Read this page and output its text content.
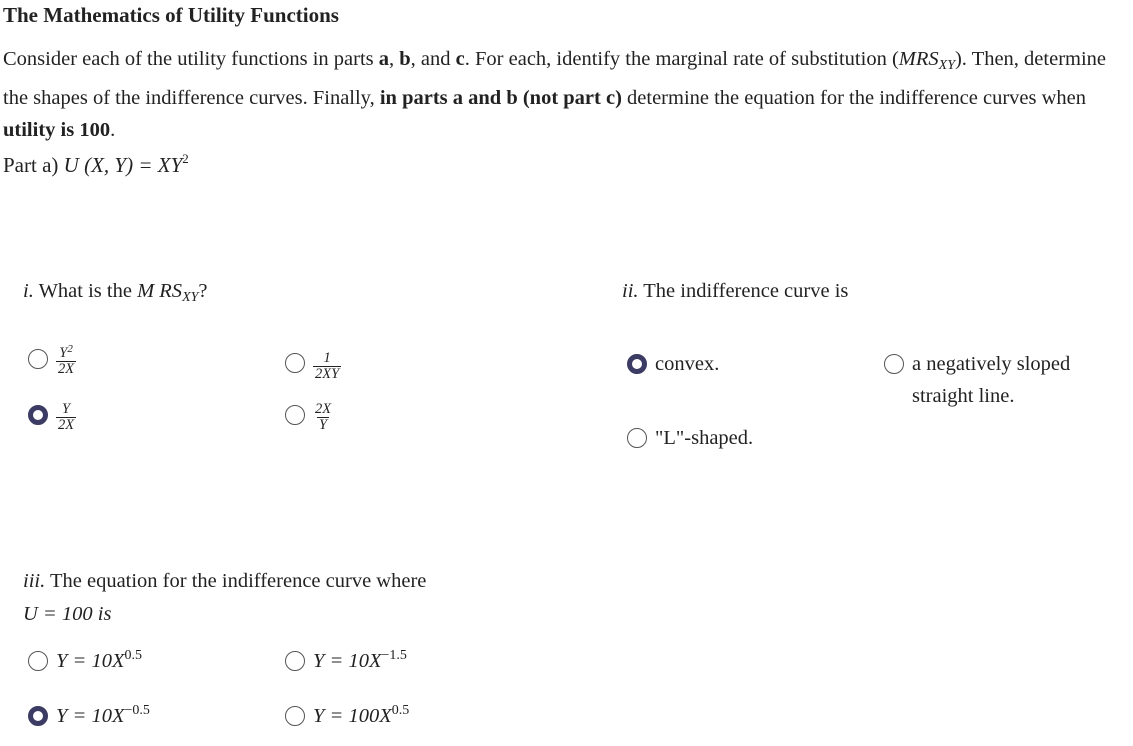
The Mathematics of Utility Functions
Consider each of the utility functions in parts a, b, and c. For each, identify the marginal rate of substitution $(MRS_{XY})$. Then, determine the shapes of the indifference curves. Finally, in parts a and b (not part c) determine the equation for the indifference curves when utility is 100.
Part a) U (X, $Y) = XY^2$
i. What is the M $RS_{XY}$?
$\frac{Y^2}{2X}$	$\frac{1}{2XY}$
$\frac{Y}{2X}$	$\frac{2X}{Y}$
ii. The indifference curve is
convex.	a negatively sloped straight line.
"L"-shaped.
iii. The equation for the indifference curve where
U = 100 is
$Y = 10X^{0.5}$	$Y = 10X^{-1.5}$
$Y = 10X^{-0.5}$	$Y = 100X^{0.5}$
